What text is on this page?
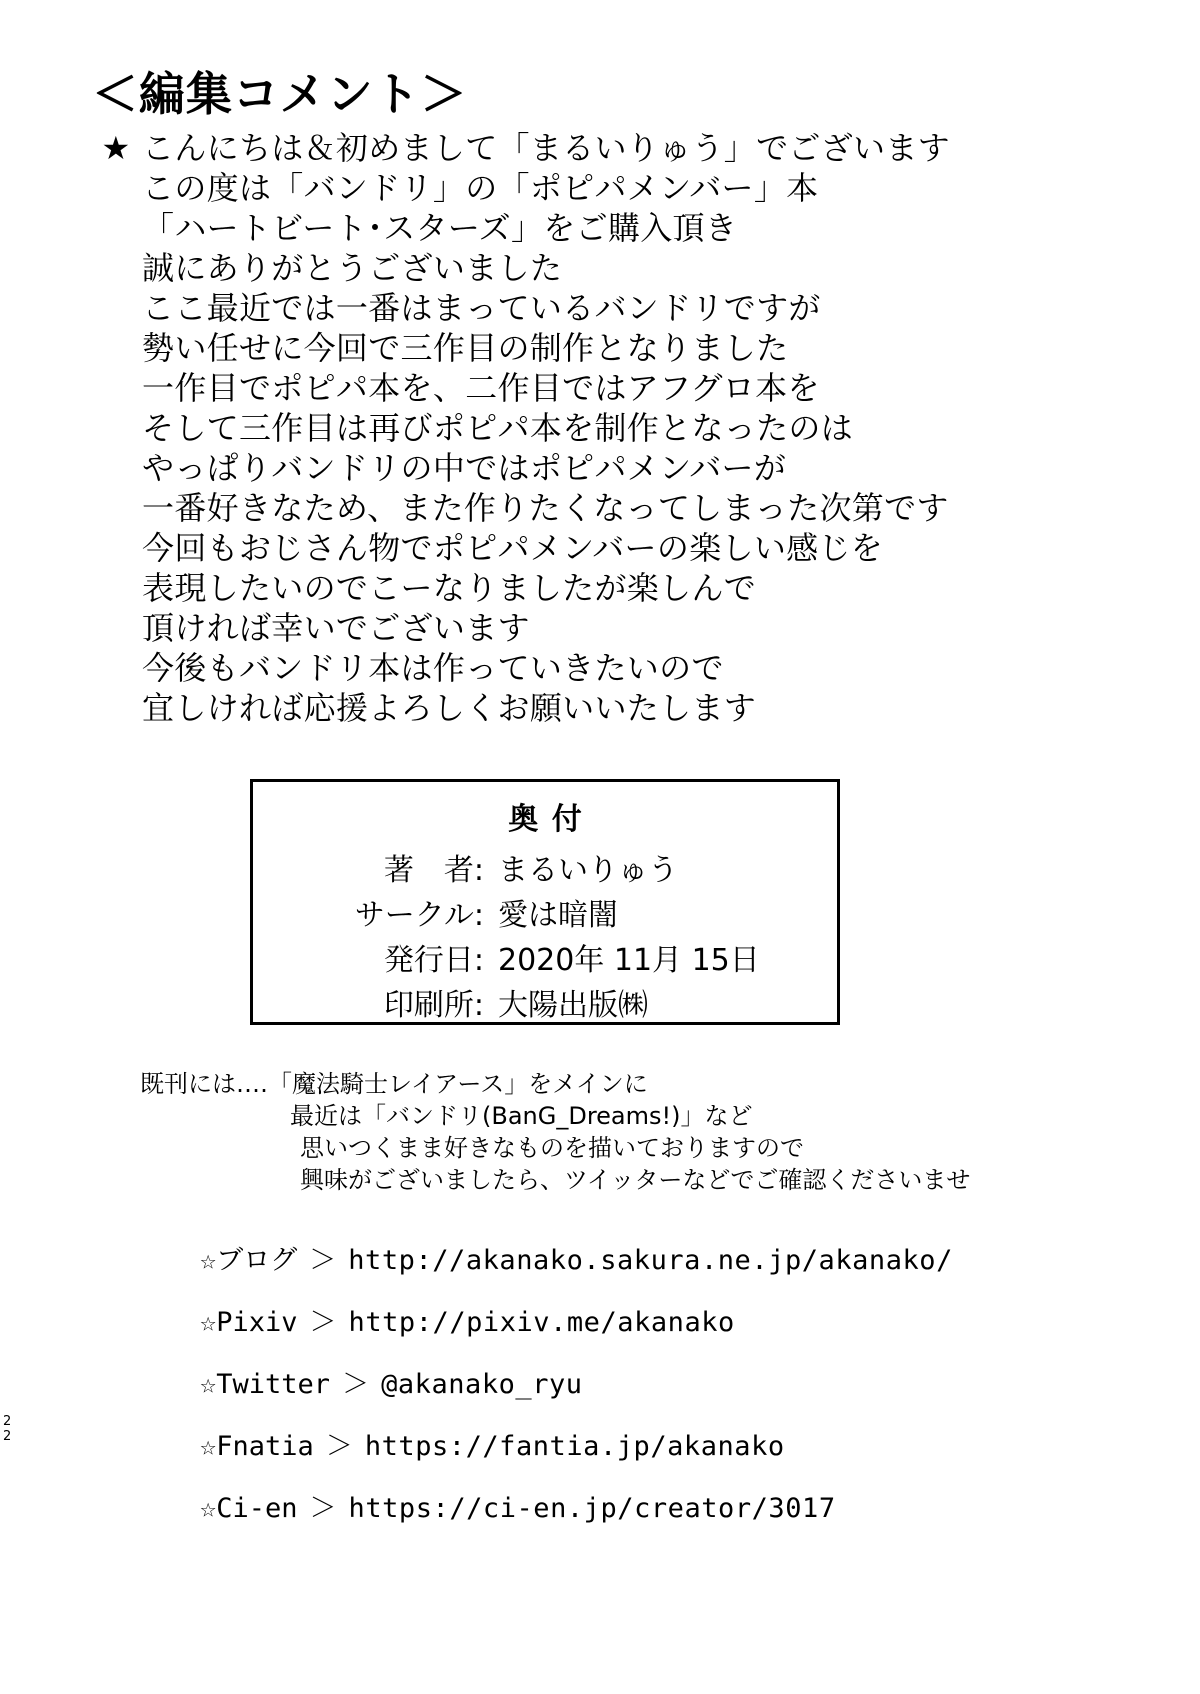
＜編集コメント＞
★ こんにちは＆初めまして「まるいりゅう」でございます
この度は「バンドリ」の「ポピパメンバー」本
「ハートビート･スターズ」をご購入頂き
誠にありがとうございました
ここ最近では一番はまっているバンドリですが
勢い任せに今回で三作目の制作となりました
一作目でポピパ本を、二作目ではアフグロ本を
そして三作目は再びポピパ本を制作となったのは
やっぱりバンドリの中ではポピパメンバーが
一番好きなため、また作りたくなってしまった次第です
今回もおじさん物でポピパメンバーの楽しい感じを
表現したいのでこーなりましたが楽しんで
頂ければ幸いでございます
今後もバンドリ本は作っていきたいので
宜しければ応援よろしくお願いいたします
奥付
著　者: まるいりゅう
サークル: 愛は暗闇
発行日: 2020年 11月 15日
印刷所: 大陽出版㈱
既刊には‥‥「魔法騎士レイアース」をメインに
最近は「バンドリ(BanG_Dreams!)」など
思いつくまま好きなものを描いておりますので
興味がございましたら、ツイッターなどでご確認くださいませ
☆ ブログ ＞ http://akanako.sakura.ne.jp/akanako/
☆ Pixiv ＞ http://pixiv.me/akanako
☆ Twitter ＞ @akanako_ryu
☆ Fnatia ＞ https://fantia.jp/akanako
☆ Ci-en ＞ https://ci-en.jp/creator/3017
2
2
